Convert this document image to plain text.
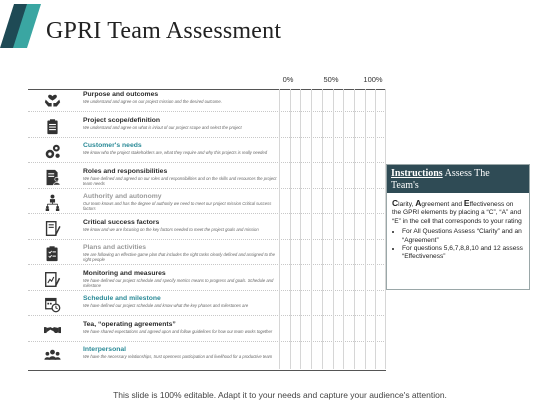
GPRI Team Assessment
0%	50%	100%
Purpose and outcomes
We understand and agree on our project mission and the desired outcome.
Project scope/definition
We understand and agree on what is in/out of our project scope and select the project
Customer's needs
We know who the project stakeholders are, what they require and why this projects is really needed
Roles and responsibilities
We have defined and agreed on our roles and responsibilities and on the skills and resources the project team needs
Authority and autonomy
Our team knows and has the degree of authority we need to meet our project mission Critical success factors
Critical success factors
We know and we are focusing on the key factors needed to meet the project goals and mission
Plans and activities
We are following an effective game plan that includes the right tasks clearly defined and assigned to the right people
Monitoring and measures
We have defined our project schedule and specify metrics means to progress and goals. Schedule and milestone
Schedule and milestone
We have defined our project schedule and know what the key phases and milestones are
Tea, “operating agreements”
We have shared expectations and agreed upon and follow guidelines for how our team works together
Interpersonal
We have the necessary relationships, trust openness participation and livelihood for a productive team
Instructions Assess The
Team's
Clarity, Agreement and Effectiveness on the GPRI elements by placing a “C”, “A” and “E” in the cell that corresponds to your rating
• For All Questions Assess “Clarity” and an “Agreement”
• For questions 5,6,7,8,8,10 and 12 assess “Effectiveness”
This slide is 100% editable. Adapt it to your needs and capture your audience's attention.
